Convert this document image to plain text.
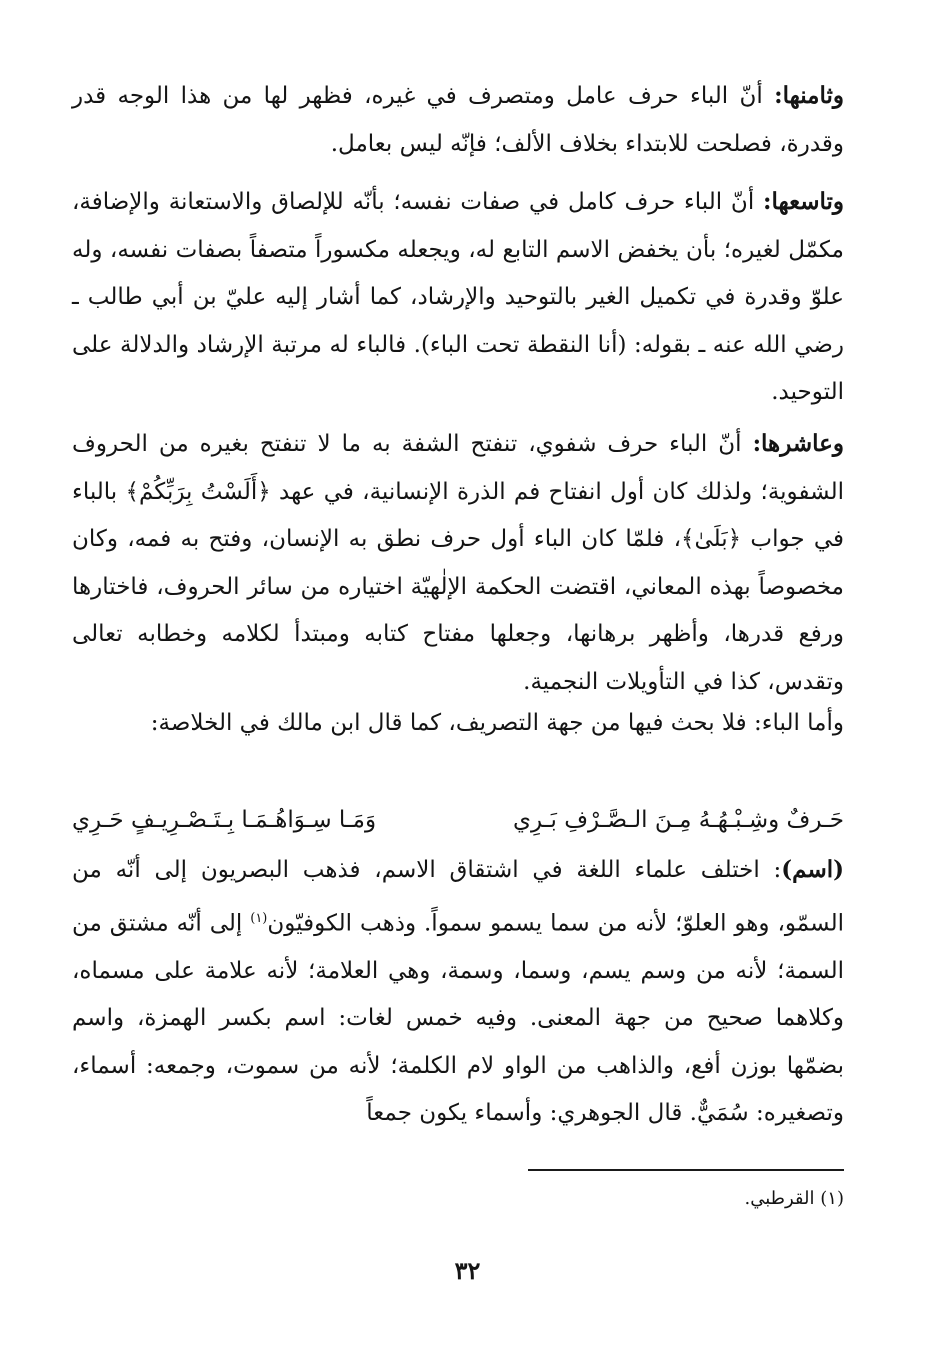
وثامنها: أنّ الباء حرف عامل ومتصرف في غيره، فظهر لها من هذا الوجه قدر وقدرة، فصلحت للابتداء بخلاف الألف؛ فإنّه ليس بعامل.

وتاسعها: أنّ الباء حرف كامل في صفات نفسه؛ بأنّه للإلصاق والاستعانة والإضافة، مكمّل لغيره؛ بأن يخفض الاسم التابع له، ويجعله مكسوراً متصفاً بصفات نفسه، وله علوّ وقدرة في تكميل الغير بالتوحيد والإرشاد، كما أشار إليه عليّ بن أبي طالب ـ رضي الله عنه ـ بقوله: (أنا النقطة تحت الباء). فالباء له مرتبة الإرشاد والدلالة على التوحيد.

وعاشرها: أنّ الباء حرف شفوي، تنفتح الشفة به ما لا تنفتح بغيره من الحروف الشفوية؛ ولذلك كان أول انفتاح فم الذرة الإنسانية، في عهد ﴿أَلَسْتُ بِرَبِّكُمْ﴾ بالباء في جواب ﴿بَلَىٰ﴾، فلمّا كان الباء أول حرف نطق به الإنسان، وفتح به فمه، وكان مخصوصاً بهذه المعاني، اقتضت الحكمة الإلٰهيّة اختياره من سائر الحروف، فاختارها ورفع قدرها، وأظهر برهانها، وجعلها مفتاح كتابه ومبتدأ لكلامه وخطابه تعالى وتقدس، كذا في التأويلات النجمية.

وأما الباء: فلا بحث فيها من جهة التصريف، كما قال ابن مالك في الخلاصة:

حَـرفٌ وشِـبْـهُـهُ مِـنَ الـصَّـرْفِ بَـرِي
وَمَـا سِـوَاهُـمَـا بِـتَـصْـرِيـفٍ حَـرِي

(اسم): اختلف علماء اللغة في اشتقاق الاسم، فذهب البصريون إلى أنّه من السمّو، وهو العلوّ؛ لأنه من سما يسمو سمواً. وذهب الكوفيّون$^{(١)}$ إلى أنّه مشتق من السمة؛ لأنه من وسم يسم، وسما، وسمة، وهي العلامة؛ لأنه علامة على مسماه، وكلاهما صحيح من جهة المعنى. وفيه خمس لغات: اسم بكسر الهمزة، واسم بضمّها بوزن أفع، والذاهب من الواو لام الكلمة؛ لأنه من سموت، وجمعه: أسماء، وتصغيره: سُمَيٌّ. قال الجوهري: وأسماء يكون جمعاً

(١) القرطبي.
٣٢
